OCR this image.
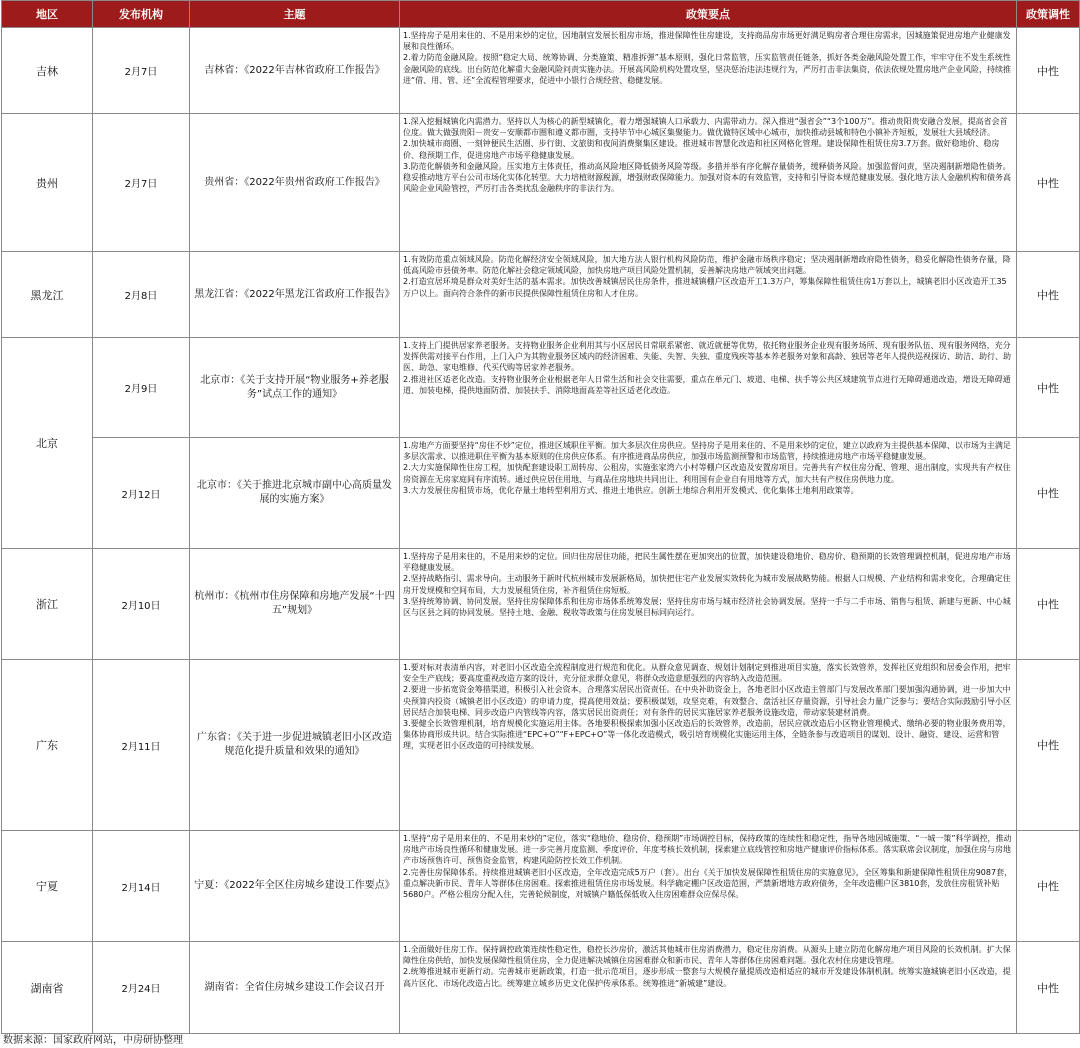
地区	发布机构	主题	政策要点	政策调性
吉林	2月7日	吉林省：《2022年吉林省政府工作报告》	1.坚持房子是用来住的、不是用来炒的定位，因地制宜发展长租房市场，推进保障性住房建设，支持商品房市场更好满足购房者合理住房需求，因城施策促进房地产业健康发展和良性循环。

2.着力防范金融风险。按照“稳定大局、统筹协调、分类施策、精准拆弹”基本原则，强化日常监管，压实监管责任链条，抓好各类金融风险处置工作，牢牢守住不发生系统性金融风险的底线。出台防范化解重大金融风险问责实施办法。开展高风险机构处置攻坚，坚决惩治违法违规行为，严厉打击非法集资，依法依规处置房地产企业风险，持续推进“借、用、管、还”全流程管理要求，促进中小银行合规经营、稳健发展。	中性
贵州	2月7日	贵州省：《2022年贵州省政府工作报告》	1.深入挖掘城镇化内需潜力。坚持以人为核心的新型城镇化，着力增强城镇人口承载力、内需带动力。深入推进“强省会”“3个100万”。推动贵阳贵安融合发展，提高省会首位度。做大做强贵阳－贵安－安顺都市圈和遵义都市圈，支持毕节中心城区集聚能力。做优做特区域中心城市，加快推动县城和特色小镇补齐短板，发展壮大县域经济。

2.加快城市商圈、一刻钟便民生活圈、步行街、文旅街和夜间消费聚集区建设。推进城市智慧化改造和社区网格化管理。建设保障性租赁住房3.7万套。做好稳地价、稳房价、稳预期工作，促进房地产市场平稳健康发展。

3.防范化解债务和金融风险。压实地方主体责任，推动高风险地区降低债务风险等级。多措并举有序化解存量债务，缓释债务风险。加强监督问责，坚决遏制新增隐性债务。稳妥推动地方平台公司市场化实体化转型。大力培植财源税源，增强财政保障能力。加强对资本的有效监管，支持和引导资本规范健康发展。强化地方法人金融机构和债务高风险企业风险管控，严厉打击各类扰乱金融秩序的非法行为。	中性
黑龙江	2月8日	黑龙江省：《2022年黑龙江省政府工作报告》	1.有效防范重点领域风险。防范化解经济安全领域风险，加大地方法人银行机构风险防范，维护金融市场秩序稳定；坚决遏制新增政府隐性债务，稳妥化解隐性债务存量，降低高风险市县债务率。防范化解社会稳定领域风险，加快房地产项目风险处置机制，妥善解决房地产领域突出问题。

2.打造宜居环境是群众对美好生活的基本需求。加快改善城镇居民住房条件，推进城镇棚户区改造开工1.3万户，筹集保障性租赁住房1万套以上，城镇老旧小区改造开工35万户以上。面向符合条件的新市民提供保障性租赁住房和人才住房。	中性
北京	2月9日	北京市：《关于支持开展“物业服务+养老服务”试点工作的通知》	1.支持上门提供居家养老服务。支持物业服务企业利用其与小区居民日常联系紧密、就近就便等优势，依托物业服务企业现有服务场所、现有服务队伍、现有服务网络，充分发挥供需对接平台作用，上门入户为其物业服务区域内的经济困难、失能、失智、失独、重度残疾等基本养老服务对象和高龄、独居等老年人提供巡视探访、助洁、助行、助医、助急、家电维修、代买代购等居家养老服务。

2.推进社区适老化改造。支持物业服务企业根据老年人日常生活和社会交往需要，重点在单元门、坡道、电梯、扶手等公共区域建筑节点进行无障碍通道改造，增设无障碍通道、加装电梯，提供地面防滑、加装扶手、消除地面高差等社区适老化改造。	中性
	2月12日	北京市：《关于推进北京城市副中心高质量发展的实施方案》	1.房地产方面要坚持“房住不炒”定位，推进区域职住平衡。加大多层次住房供应。坚持房子是用来住的、不是用来炒的定位，建立以政府为主提供基本保障、以市场为主满足多层次需求、以推进职住平衡为基本原则的住房供应体系。有序推进商品房供应，加强市场监测预警和市场监管，持续推进房地产市场平稳健康发展。

2.大力实施保障性住房工程，加快配套建设职工周转房、公租房，实施张家湾六小村等棚户区改造及安置房项目。完善共有产权住房分配、管理、退出制度，实现共有产权住房资源在无房家庭间有序流转。通过供应居住用地、与商品住房地块共同出让、利用国有企业自有用地等方式，加大共有产权住房供地力度。

3.大力发展住房租赁市场，优化存量土地转型利用方式、推进土地供应。创新土地综合利用开发模式、优化集体土地利用政策等。	中性
浙江	2月10日	杭州市：《杭州市住房保障和房地产发展“十四五”规划》	1.坚持房子是用来住的，不是用来炒的定位。回归住房居住功能，把民生属性摆在更加突出的位置，加快建设稳地价、稳房价、稳预期的长效管理调控机制，促进房地产市场平稳健康发展。

2.坚持战略指引、需求导向。主动服务于新时代杭州城市发展新格局，加快把住宅产业发展实效转化为城市发展战略势能。根据人口规模、产业结构和需求变化，合理确定住房开发规模和空间布局，大力发展租赁住房，补齐租赁住房短板。

3.坚持统筹协调、协同发展。坚持住房保障体系和住房市场体系统筹发展；坚持住房市场与城市经济社会协调发展。坚持一手与二手市场、销售与租赁、新建与更新、中心城区与区县之间的协同发展。坚持土地、金融、税收等政策与住房发展目标同向运行。	中性
广东	2月11日	广东省：《关于进一步促进城镇老旧小区改造规范化提升质量和效果的通知》	1.要对标对表清单内容，对老旧小区改造全流程制度进行规范和优化。从群众意见调查、规划计划制定到推进项目实施，落实长效管养，发挥社区党组织和居委会作用，把牢安全生产底线；要高度重视改造方案的设计，充分征求群众意见，将群众改造意愿强烈的内容纳入改造范围。

2.要进一步拓宽资金筹措渠道，积极引入社会资本，合理落实居民出资责任。在中央补助资金上，各地老旧小区改造主管部门与发展改革部门要加强沟通协调，进一步加大中央预算内投资（城镇老旧小区改造）的申请力度，提高使用效益；要积极谋划，攻坚克难，有效整合、盘活社区存量资源，引导社会力量广泛参与；要结合实际鼓励引导小区居民结合加装电梯、同步改造户内管线等内容，落实居民出资责任；对有条件的居民实施居家养老服务设施改造，带动家装建材消费。

3.要健全长效管理机制，培育规模化实施运用主体。各地要积极探索加强小区改造后的长效管养，改造前，居民应就改造后小区物业管理模式、缴纳必要的物业服务费用等，集体协商形成共识。结合实际推进“EPC+O”“F+EPC+O”等一体化改造模式，吸引培育规模化实施运用主体，全链条参与改造项目的谋划、设计、融资、建设、运营和管理，实现老旧小区改造的可持续发展。	中性
宁夏	2月14日	宁夏：《2022年全区住房城乡建设工作要点》	1.坚持“房子是用来住的、不是用来炒的”定位，落实“稳地价、稳房价、稳预期”市场调控目标，保持政策的连续性和稳定性，指导各地因城施策、“一城一策”科学调控，推动房地产市场良性循环和健康发展。进一步完善月度监测、季度评价、年度考核长效机制，探索建立底线管控和房地产健康评价指标体系。落实联席会议制度，加强住房与房地产市场预售许可、预售资金监管，构建风险防控长效工作机制。

2.完善住房保障体系。持续推进城镇老旧小区改造，全年改造完成5万户（套）。出台《关于加快发展保障性租赁住房的实施意见》，全区筹集和新建保障性租赁住房9087套，重点解决新市民、青年人等群体住房困难。探索推进租赁住房市场发展。科学确定棚户区改造范围，严禁新增地方政府债务，全年改造棚户区3810套，发放住房租赁补贴5680户。严格公租房分配入住，完善轮候制度，对城镇户籍低保低收入住房困难群众应保尽保。	中性
湖南省	2月24日	湖南省：全省住房城乡建设工作会议召开	1.全面做好住房工作。保持调控政策连续性稳定性，稳控长沙房价，激活其他城市住房消费潜力，稳定住房消费。从源头上建立防范化解房地产项目风险的长效机制。扩大保障性住房供给，加快发展保障性租赁住房，全力促进解决城镇住房困难群众和新市民、青年人等群体住房困难问题。强化农村住房建设管理。

2.统筹推进城市更新行动。完善城市更新政策，打造一批示范项目，逐步形成一整套与大规模存量提质改造相适应的城市开发建设体制机制。统筹实施城镇老旧小区改造，提高片区化、市场化改造占比。统筹建立城乡历史文化保护传承体系。统筹推进“新城建”建设。	中性
数据来源：国家政府网站，中房研协整理
